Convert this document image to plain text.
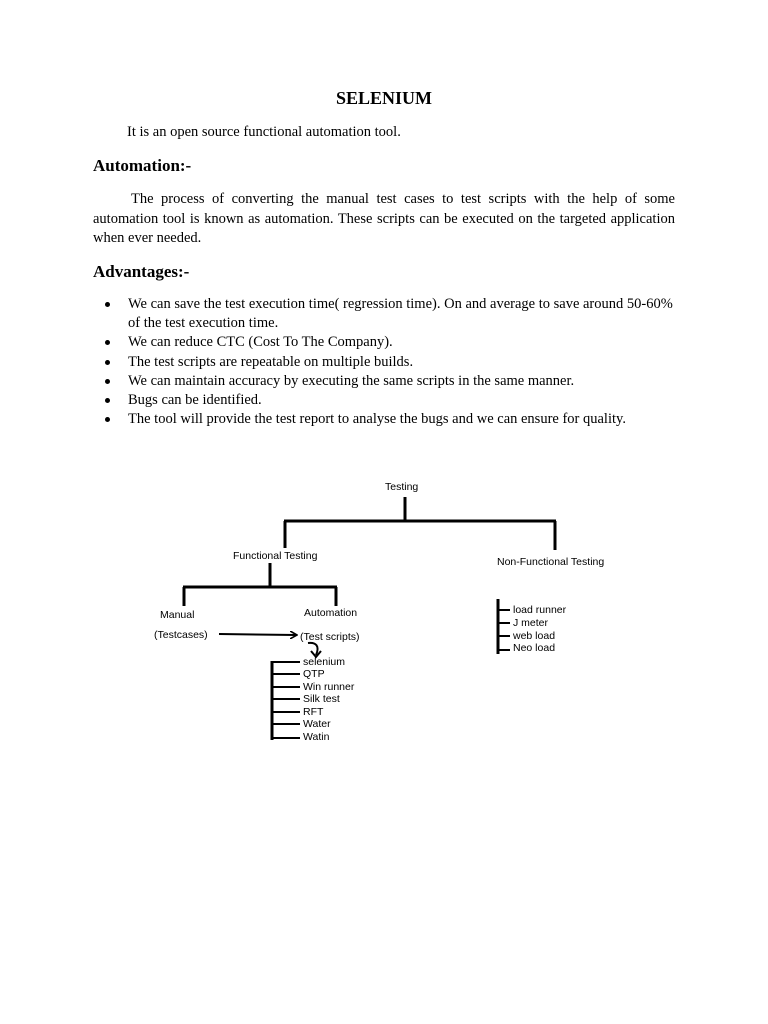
SELENIUM
It is an open source functional automation tool.
Automation:-
The process of converting the manual test cases to test scripts with the help of some automation tool is known as automation. These scripts can be executed on the targeted application when ever needed.
Advantages:-
We can save the test execution time( regression time). On and average to save around 50-60% of the test execution time.
We can reduce CTC (Cost To The Company).
The test scripts are repeatable on multiple builds.
We can maintain accuracy by executing the same scripts in the same manner.
Bugs can be identified.
The tool will provide the test report to analyse the bugs and we can ensure for quality.
Testing
Functional Testing
Manual	Automation
(Testcases)	(Test scripts)
selenium
QTP
Win runner
Silk test
RFT
Water
Watin
Non-Functional Testing
load runner
J meter
web load
Neo load
